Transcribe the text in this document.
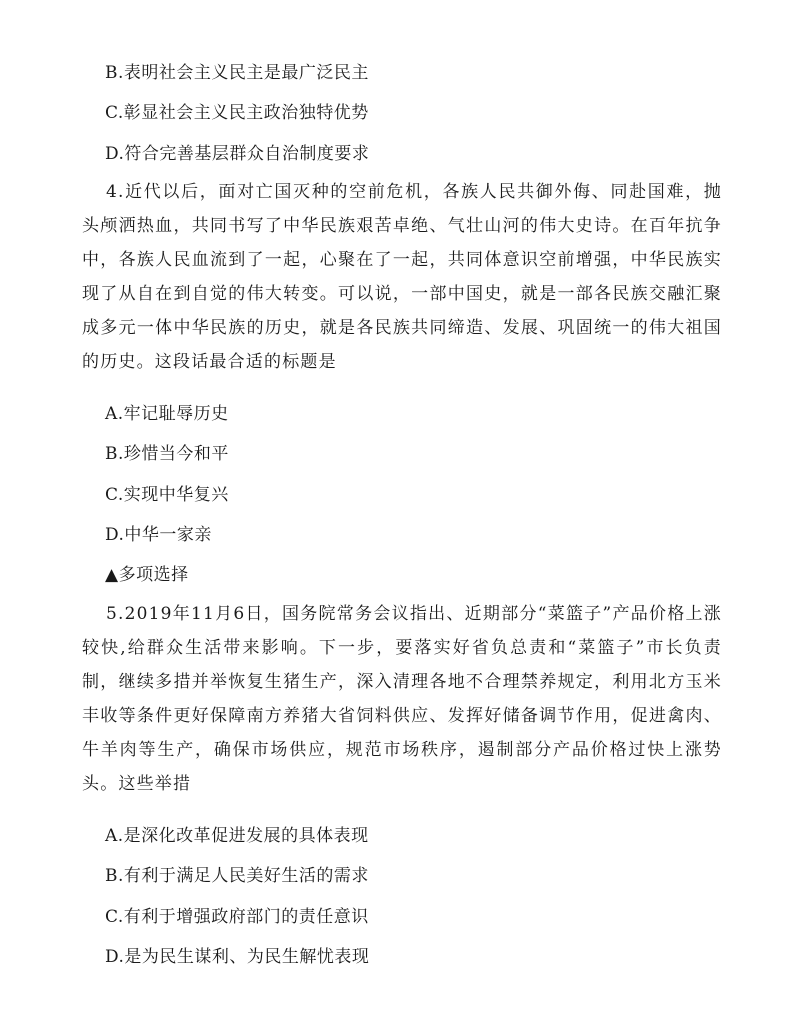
B.表明社会主义民主是最广泛民主
C.彰显社会主义民主政治独特优势
D.符合完善基层群众自治制度要求
4.近代以后，面对亡国灭种的空前危机，各族人民共御外侮、同赴国难，抛头颅洒热血，共同书写了中华民族艰苦卓绝、气壮山河的伟大史诗。在百年抗争中，各族人民血流到了一起，心聚在了一起，共同体意识空前增强，中华民族实现了从自在到自觉的伟大转变。可以说，一部中国史，就是一部各民族交融汇聚成多元一体中华民族的历史，就是各民族共同缔造、发展、巩固统一的伟大祖国的历史。这段话最合适的标题是
A.牢记耻辱历史
B.珍惜当今和平
C.实现中华复兴
D.中华一家亲
▲多项选择
5.2019年11月6日，国务院常务会议指出、近期部分“菜篮子”产品价格上涨较快,给群众生活带来影响。下一步，要落实好省负总责和“菜篮子”市长负责制，继续多措并举恢复生猪生产，深入清理各地不合理禁养规定，利用北方玉米丰收等条件更好保障南方养猪大省饲料供应、发挥好储备调节作用，促进禽肉、牛羊肉等生产，确保市场供应，规范市场秩序，遏制部分产品价格过快上涨势头。这些举措
A.是深化改革促进发展的具体表现
B.有利于满足人民美好生活的需求
C.有利于增强政府部门的责任意识
D.是为民生谋利、为民生解忧表现
